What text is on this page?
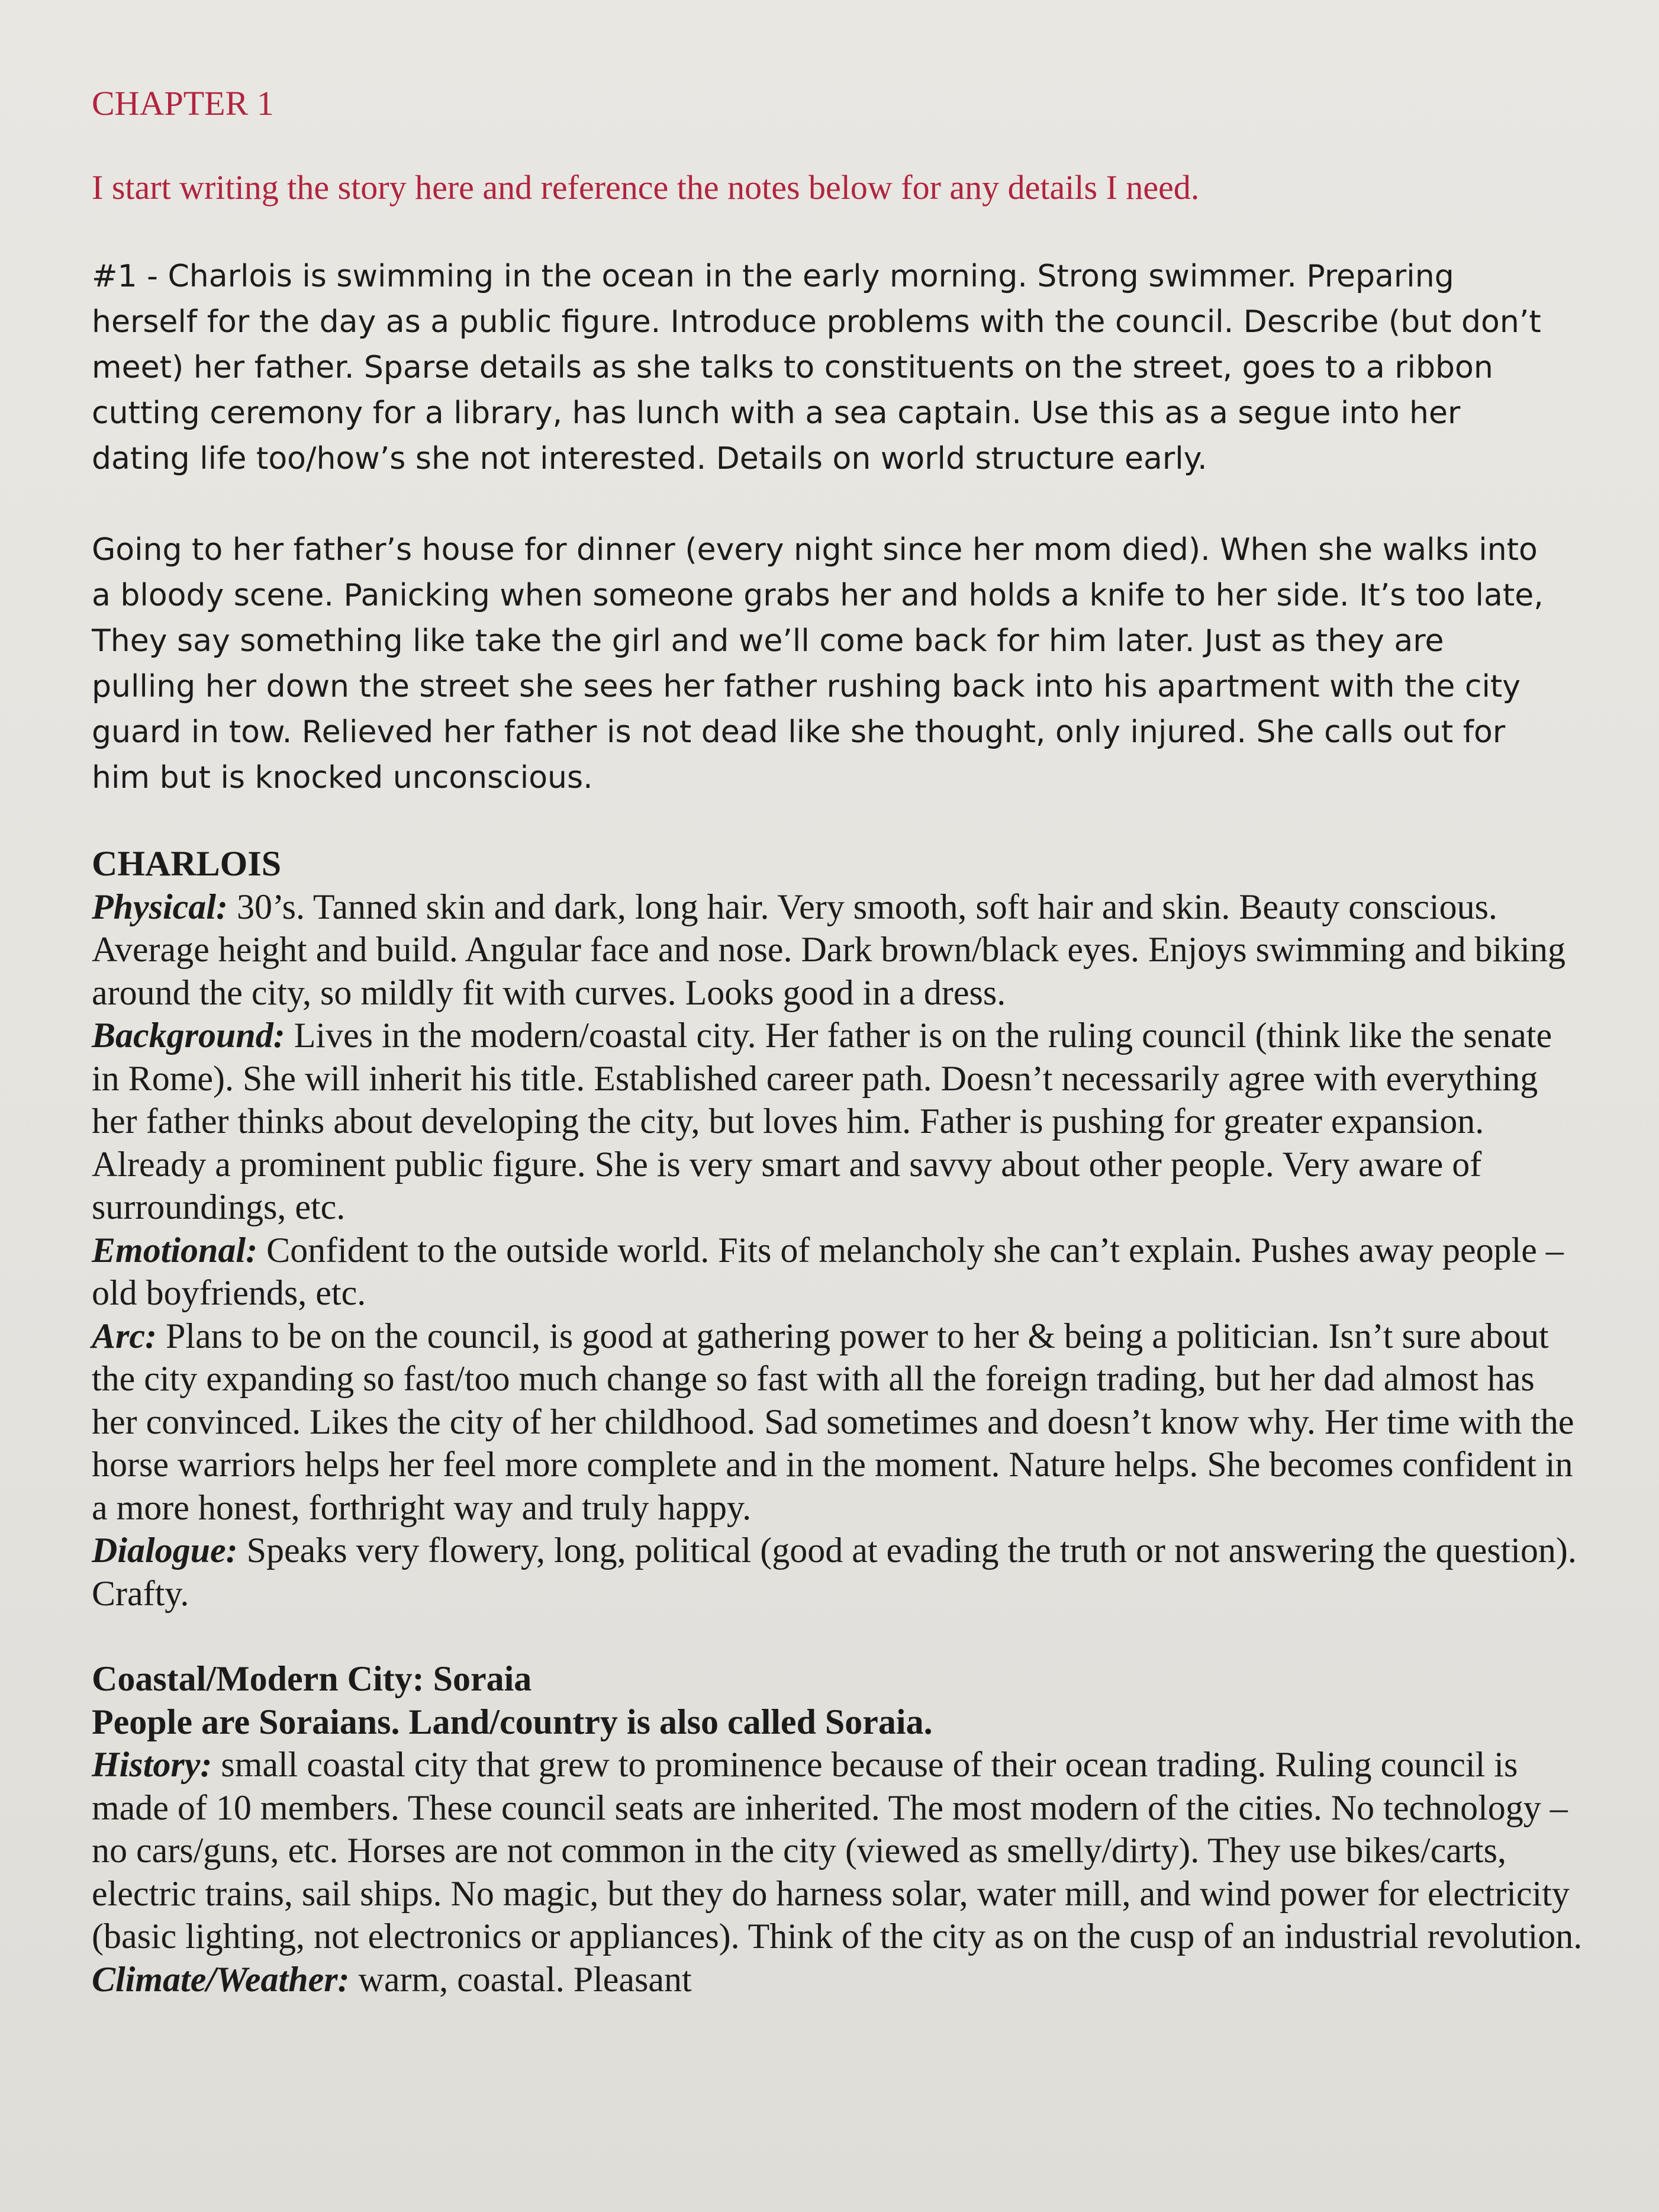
CHAPTER 1
I start writing the story here and reference the notes below for any details I need.

#1 - Charlois is swimming in the ocean in the early morning. Strong swimmer. Preparing herself for the day as a public figure. Introduce problems with the council. Describe (but don’t meet) her father. Sparse details as she talks to constituents on the street, goes to a ribbon cutting ceremony for a library, has lunch with a sea captain. Use this as a segue into her dating life too/how’s she not interested. Details on world structure early.

Going to her father’s house for dinner (every night since her mom died). When she walks into a bloody scene. Panicking when someone grabs her and holds a knife to her side. It’s too late, They say something like take the girl and we’ll come back for him later. Just as they are pulling her down the street she sees her father rushing back into his apartment with the city guard in tow. Relieved her father is not dead like she thought, only injured. She calls out for him but is knocked unconscious.

CHARLOIS
Physical: 30’s. Tanned skin and dark, long hair. Very smooth, soft hair and skin. Beauty conscious. Average height and build. Angular face and nose. Dark brown/black eyes. Enjoys swimming and biking around the city, so mildly fit with curves. Looks good in a dress.
Background: Lives in the modern/coastal city. Her father is on the ruling council (think like the senate in Rome). She will inherit his title. Established career path. Doesn’t necessarily agree with everything her father thinks about developing the city, but loves him. Father is pushing for greater expansion. Already a prominent public figure. She is very smart and savvy about other people. Very aware of surroundings, etc.
Emotional: Confident to the outside world. Fits of melancholy she can’t explain. Pushes away people – old boyfriends, etc.
Arc: Plans to be on the council, is good at gathering power to her & being a politician. Isn’t sure about the city expanding so fast/too much change so fast with all the foreign trading, but her dad almost has her convinced. Likes the city of her childhood. Sad sometimes and doesn’t know why. Her time with the horse warriors helps her feel more complete and in the moment. Nature helps. She becomes confident in a more honest, forthright way and truly happy.
Dialogue: Speaks very flowery, long, political (good at evading the truth or not answering the question). Crafty.
Coastal/Modern City: Soraia
People are Soraians. Land/country is also called Soraia.
History: small coastal city that grew to prominence because of their ocean trading. Ruling council is made of 10 members. These council seats are inherited. The most modern of the cities. No technology – no cars/guns, etc. Horses are not common in the city (viewed as smelly/dirty). They use bikes/carts, electric trains, sail ships. No magic, but they do harness solar, water mill, and wind power for electricity (basic lighting, not electronics or appliances). Think of the city as on the cusp of an industrial revolution.
Climate/Weather: warm, coastal. Pleasant
